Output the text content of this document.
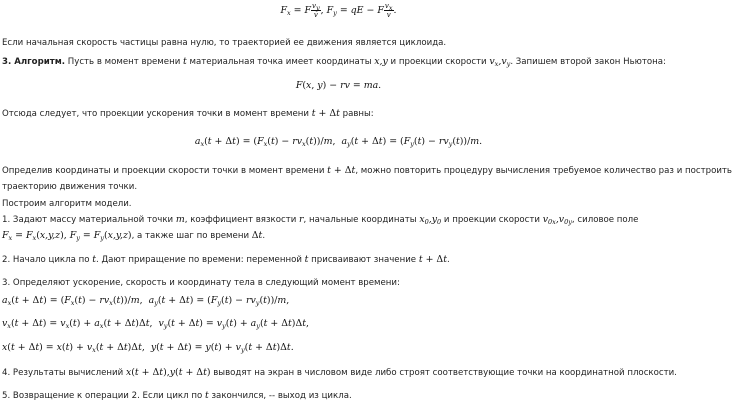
$F_x = F \frac{v_y}{v}$ , $F_y$ = qE − F $\frac{v_x}{v}$ .
Если начальная скорость частицы равна нулю, то траекторией ее движения является циклоида.
3. Алгоритм. Пусть в момент времени t материальная точка имеет координаты x,y и проекции скорости $v_x,v_y$. Запишем второй закон Ньютона:
F(x, y) − rv = ma.
Отсюда следует, что проекции ускорения точки в момент времени t + Δt равны:
$a_x(t + \Delta t) = (F_x(t) - rv_x(t))/m$,  $a_y(t + \Delta t) = (F_y(t) - rv_y(t))/m$.
Определив координаты и проекции скорости точки в момент времени t + Δt, можно повторить процедуру вычисления требуемое количество раз и построить
траекторию движения точки.
Построим алгоритм модели.
1. Задают массу материальной точки m, коэффициент вязкости r, начальные координаты $x_0,y_0$ и проекции скорости $v_{0x},v_{0y}$, силовое поле
$F_x = F_x(x,y,z)$, $F_y = F_y(x,y,z)$, а также шаг по времени Δt.
2. Начало цикла по t. Дают приращение по времени: переменной t присваивают значение t + Δt.
3. Определяют ускорение, скорость и координату тела в следующий момент времени:
$a_x(t + \Delta t) = (F_x(t) - rv_x(t))/m$,  $a_y(t + \Delta t) = (F_y(t) - rv_y(t))/m$,
$v_x(t + \Delta t) = v_x(t) + a_x(t + \Delta t)\Delta t$,  $v_y(t + \Delta t) = v_y(t) + a_y(t + \Delta t)\Delta t$,
$x(t + \Delta t) = x(t) + v_x(t + \Delta t)\Delta t$,  $y(t + \Delta t) = y(t) + v_y(t + \Delta t)\Delta t$.
4. Результаты вычислений x(t + Δt),y(t + Δt) выводят на экран в числовом виде либо строят соответствующие точки на координатной плоскости.
5. Возвращение к операции 2. Если цикл по t закончился, -- выход из цикла.
